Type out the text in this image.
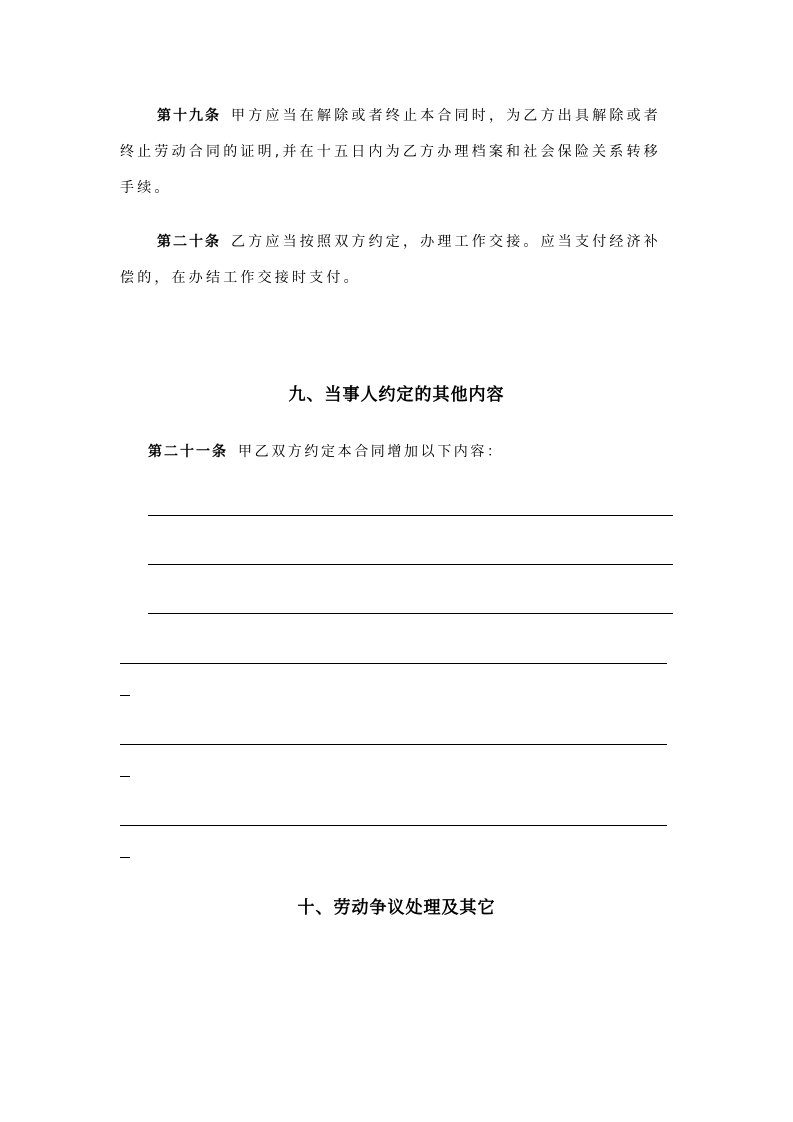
第十九条 甲方应当在解除或者终止本合同时，为乙方出具解除或者终止劳动合同的证明,并在十五日内为乙方办理档案和社会保险关系转移手续。

第二十条 乙方应当按照双方约定，办理工作交接。应当支付经济补偿的，在办结工作交接时支付。

九、当事人约定的其他内容
第二十一条 甲乙双方约定本合同增加以下内容：
十、劳动争议处理及其它
